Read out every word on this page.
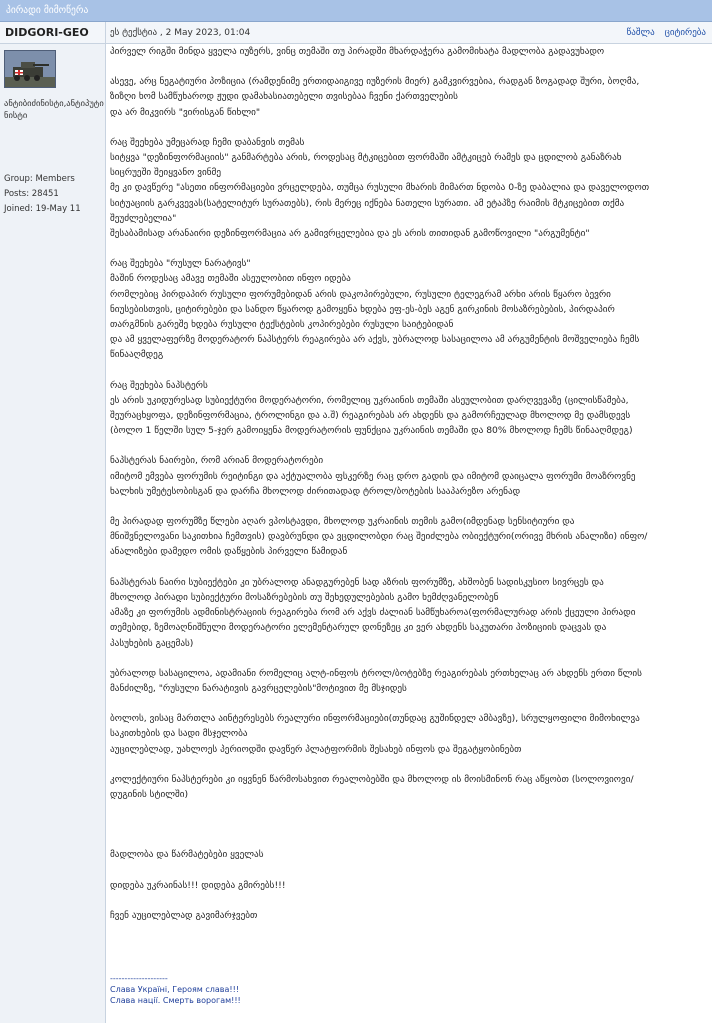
პირადი მიმოწერა
DIDGORI-GEO	ეს ტექსტია , 2 May 2023, 01:04	წაშლა ციტირება
ანტიბიძინისტი,ანტიპუტინისტი
Group: Members
Posts: 28451
Joined: 19-May 11
პირველ რიგში მინდა ყველა იუზერს, ვინც თემაში თუ პირადში მხარდაჭერა გამომიხატა მადლობა გადავუხადო
ასევე, არც ნეგატიური პოზიცია (რამდენიმე ერთიდაიგივე იუზერის მიერ) გამკვირვებია, რადგან ზოგადად შური, ბოღმა,
ზიზღი ხომ სამწუხაროდ ჟუდი დამახასიათებელი თვისებაა ჩვენი ქართველების
და არ მიკვირს "ვირისგან წიხლი"
რაც შეეხება უმეცარად ჩემი დაბანვის თემას
სიტყვა "დეზინფორმაციის" განმარტება არის, როდესაც მტკიცებით ფორმაში ამტკიცებ რამეს და ცდილობ განაზრახ
სიცრუეში შეიყვანო ვინმე
მე კი დავწერე "ასეთი ინფორმაციები ვრცელდება, თუმცა რუსული მხარის მიმართ ნდობა 0-ზე დაბალია და დაველოდოთ
სიტუაციის გარკვევას(სატელიტურ სურათებს), რის მერეც იქნება ნათელი სურათი. ამ ეტაპზე რაიმის მტკიცებით თქმა
შეუძლებელია"
შესაბამისად არანაირი დეზინფორმაცია არ გამივრცელებია და ეს არის თითიდან გამოწოვილი "არგუმენტი"
რაც შეეხება "რუსულ ნარატივს"
მაშინ როდესაც ამავე თემაში ასეულობით ინფო იდება
რომლებიც პირდაპირ რუსული ფორუმებიდან არის დაკოპირებული, რუსული ტელეგრამ არხი არის წყარო ბევრი
ნიუსებისთვის, ციტირებები და სანდო წყაროდ გამოყენა ხდება ეფ-ეს-ბეს აგენ გირკინის მოსაზრებების, პირდაპირ
თარგმნის გარეშე ხდება რუსული ტექსტების კოპირებები რუსული საიტებიდან
და ამ ყველაფერზე მოდერატორ ნაპსტერს რეაგირება არ აქვს, უბრალოდ სასაცილოა ამ არგუმენტის მოშველიება ჩემს
წინააღმდეგ
რაც შეეხება ნაპსტერს
ეს არის უკიდურესად სუბიექტური მოდერატორი, რომელიც უკრაინის თემაში ასეულობით დარღვევაზე (ცილისწამება,
შეურაცხყოფა, დეზინფორმაცია, ტროლინგი და ა.შ) რეაგირებას არ ახდენს და გამორჩეულად მხოლოდ მე დამსდევს
(ბოლო 1 წელში სულ 5-ჯერ გამოიყენა მოდერატორის ფუნქცია უკრაინის თემაში და 80% მხოლოდ ჩემს წინააღმდეგ)
ნაპსტერას ნაირები, რომ არიან მოდერატორები
იმიტომ ემვება ფორუმის რეიტინგი და აქტუალობა ფსკერზე რაც დრო გადის და იმიტომ დაიცალა ფორუმი მოაზროვნე
ხალხის უმეტესობისგან და დარჩა მხოლოდ ძირითადად ტროლ/ბოტების სააპარეზო არენად
მე პირადად ფორუმზე წლები აღარ ვპოსტავდი, მხოლოდ უკრაინის თემის გამო(იმდენად სენსიტიური და
მნიშვნელოვანი საკითხია ჩემთვის) დავბრუნდი და ვცდილობდი რაც შეიძლება ობიექტური(ორივე მხრის ანალიზი) ინფო/
ანალიზები დამედო ომის დაწყების პირველი წამიდან
ნაპსტერას ნაირი სუბიექტები კი უბრალოდ ანადგურებენ სად აზრის ფორუმზე, ახშობენ სადისკუსიო სივრცეს და
მხოლოდ პირადი სუბიექტური მოსაზრებების თუ შეხედულებების გამო ხემძღვანელობენ
ამაზე კი ფორუმის ადმინისტრაციის რეაგირება რომ არ აქვს ძალიან სამწუხაროა(ფორმალურად არის ქცეული პირადი
თემებიდ, ზემოაღნიშნული მოდერატორი ელემენტარულ დონეზეც კი ვერ ახდენს საკუთარი პოზიციის დაცვას და
პასუხების გაცემას)
უბრალოდ სასაცილოა, ადამიანი რომელიც ალტ-ინფოს ტროლ/ბოტებზე რეაგირებას ერთხელაც არ ახდენს ერთი წლის
მანძილზე, "რუსული ნარატივის გავრცელების"მოტივით მე მსჯიდეს
ბოლოს, ვისაც მართლა აინტერესებს რეალური ინფორმაციები(თუნდაც გუშინდელ ამბავზე), სრულყოფილი მიმოხილვა
საკითხების და სადი მსჯელობა
აუცილებლად, უახლოეს პერიოდში დავწერ პლატფორმის შესახებ ინფოს და შეგატყობინებთ
კოლექტიური ნაპსტერები კი იყვნენ წარმოსახვით რეალობებში და მხოლოდ ის მოისმინონ რაც აწყობთ (სოლოვიოვი/
დუგინის სტილში)

მადლობა და წარმატებები ყველას
დიდება უკრაინას!!! დიდება გმირებს!!!
ჩვენ აუცილებლად გავიმარჯვებთ
--------------------
Слава Україні, Героям слава!!!
Слава нації. Смерть ворогам!!!
